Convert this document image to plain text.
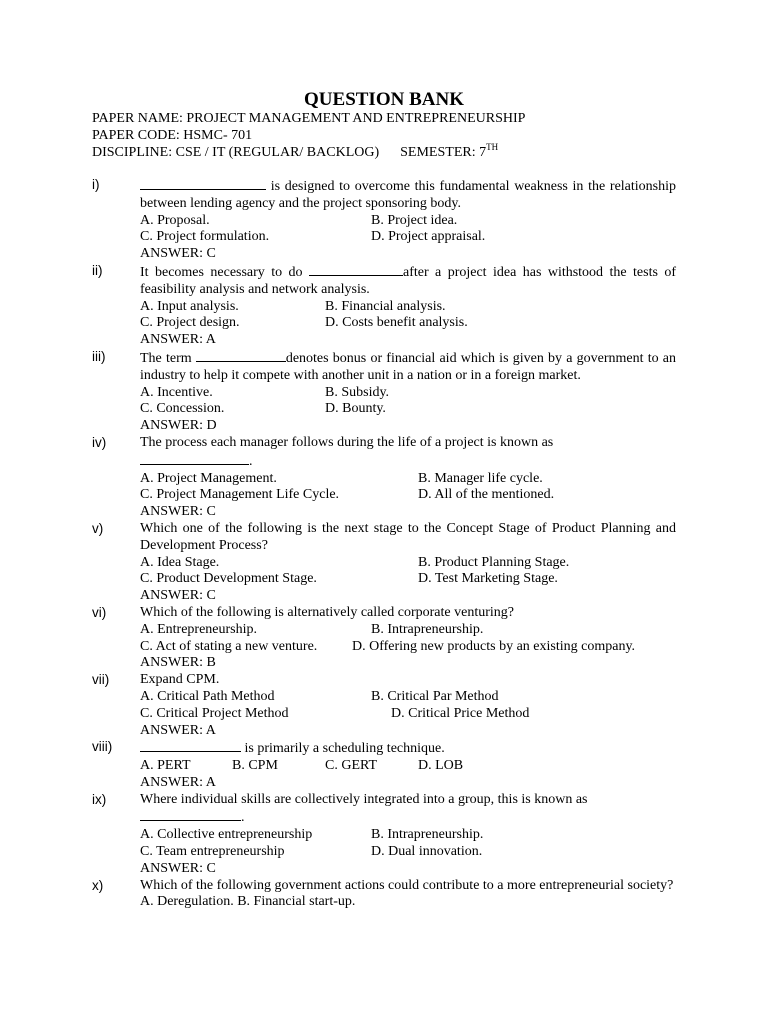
QUESTION BANK
PAPER NAME: PROJECT MANAGEMENT AND ENTREPRENEURSHIP
PAPER CODE: HSMC- 701
DISCIPLINE: CSE / IT (REGULAR/ BACKLOG) SEMESTER: 7TH
i)	is designed to overcome this fundamental weakness in the relationship between lending agency and the project sponsoring body.
A. Proposal.	B. Project idea.
C. Project formulation.	D. Project appraisal.
ANSWER: C
ii)	It becomes necessary to do	after a project idea has withstood the tests of feasibility analysis and network analysis.
A. Input analysis.	B. Financial analysis.
C. Project design.	D. Costs benefit analysis.
ANSWER: A
iii) The term	denotes bonus or financial aid which is given by a government to an industry to help it compete with another unit in a nation or in a foreign market.
A. Incentive.	B. Subsidy.
C. Concession.	D. Bounty.
ANSWER: D
iv) The process each manager follows during the life of a project is known as
.
A. Project Management.	B. Manager life cycle.
C. Project Management Life Cycle.	D. All of the mentioned.
ANSWER: C
v)	Which one of the following is the next stage to the Concept Stage of Product Planning and Development Process?
A. Idea Stage.	B. Product Planning Stage.
C. Product Development Stage.	D. Test Marketing Stage.
ANSWER: C
vi) Which of the following is alternatively called corporate venturing?
A. Entrepreneurship.	B. Intrapreneurship.
C. Act of stating a new venture. D. Offering new products by an existing company.
ANSWER: B
vii) Expand CPM.
A. Critical Path Method	B. Critical Par Method
C. Critical Project Method	D. Critical Price Method
ANSWER: A
viii)	is primarily a scheduling technique.
A. PERT	B. CPM	C. GERT	D. LOB
ANSWER: A
ix) Where individual skills are collectively integrated into a group, this is known as
.
A. Collective entrepreneurship	B. Intrapreneurship.
C. Team entrepreneurship	D. Dual innovation.
ANSWER: C
x)	Which of the following government actions could contribute to a more entrepreneurial society?
A. Deregulation. B. Financial start-up.
